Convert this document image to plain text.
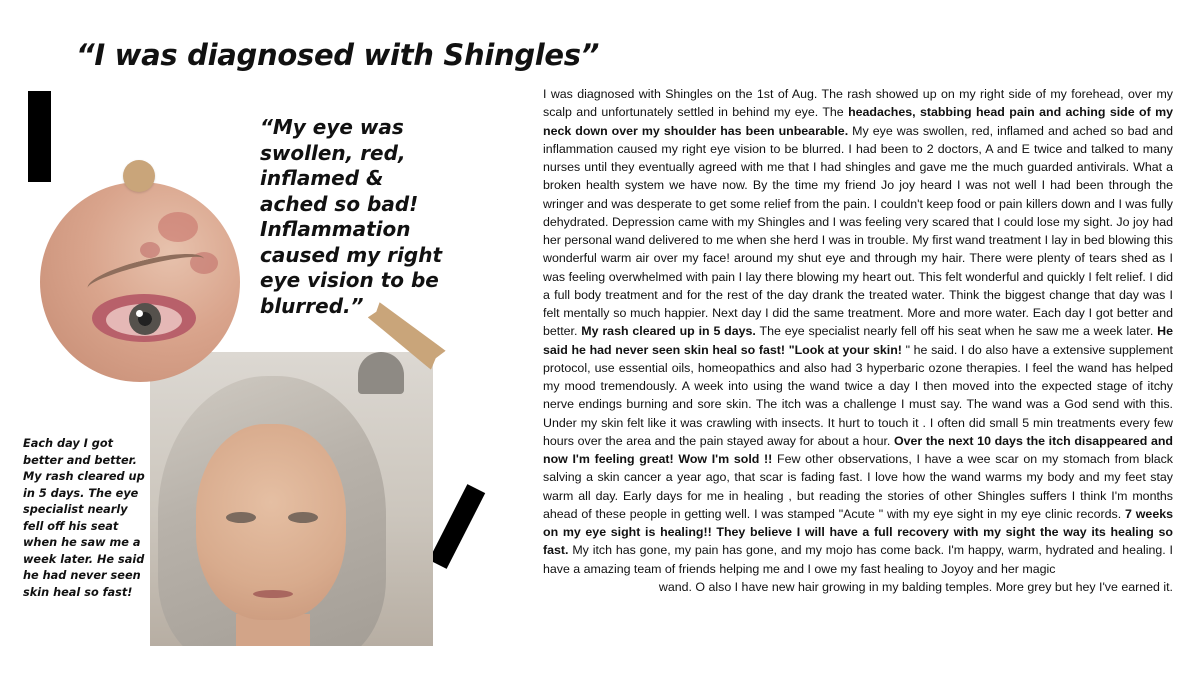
“I was diagnosed with Shingles”

“My eye was swollen, red, inflamed & ached so bad! Inflammation caused my right eye vision to be blurred.”

Each day I got better and better. My rash cleared up in 5 days. The eye specialist nearly fell off his seat when he saw me a week later. He said he had never seen skin heal so fast!

I was diagnosed with Shingles on the 1st of Aug. The rash showed up on my right side of my forehead, over my scalp and unfortunately settled in behind my eye. The headaches, stabbing head pain and aching side of my neck down over my shoulder has been unbearable. My eye was swollen, red, inflamed and ached so bad and inflammation caused my right eye vision to be blurred. I had been to 2 doctors, A and E twice and talked to many nurses until they eventually agreed with me that I had shingles and gave me the much guarded antivirals. What a broken health system we have now. By the time my friend Jo joy heard I was not well I had been through the wringer and was desperate to get some relief from the pain. I couldn't keep food or pain killers down and I was fully dehydrated. Depression came with my Shingles and I was feeling very scared that I could lose my sight. Jo joy had her personal wand delivered to me when she herd I was in trouble. My first wand treatment I lay in bed blowing this wonderful warm air over my face! around my shut eye and through my hair. There were plenty of tears shed as I was feeling overwhelmed with pain I lay there blowing my heart out. This felt wonderful and quickly I felt relief. I did a full body treatment and for the rest of the day drank the treated water. Think the biggest change that day was I felt mentally so much happier. Next day I did the same treatment. More and more water. Each day I got better and better. My rash cleared up in 5 days. The eye specialist nearly fell off his seat when he saw me a week later. He said he had never seen skin heal so fast! "Look at your skin! " he said. I do also have a extensive supplement protocol, use essential oils, homeopathics and also had 3 hyperbaric ozone therapies. I feel the wand has helped my mood tremendously. A week into using the wand twice a day I then moved into the expected stage of itchy nerve endings burning and sore skin. The itch was a challenge I must say. The wand was a God send with this. Under my skin felt like it was crawling with insects. It hurt to touch it . I often did small 5 min treatments every few hours over the area and the pain stayed away for about a hour. Over the next 10 days the itch disappeared and now I'm feeling great! Wow I'm sold !! Few other observations, I have a wee scar on my stomach from black salving a skin cancer a year ago, that scar is fading fast. I love how the wand warms my body and my feet stay warm all day. Early days for me in healing , but reading the stories of other Shingles suffers I think I'm months ahead of these people in getting well. I was stamped "Acute " with my eye sight in my eye clinic records. 7 weeks on my eye sight is healing!! They believe I will have a full recovery with my sight the way its healing so fast. My itch has gone, my pain has gone, and my mojo has come back. I'm happy, warm, hydrated and healing. I have a amazing team of friends helping me and I owe my fast healing to Joyoy and her magic
wand. O also I have new hair growing in my balding temples. More grey but hey I've earned it.
